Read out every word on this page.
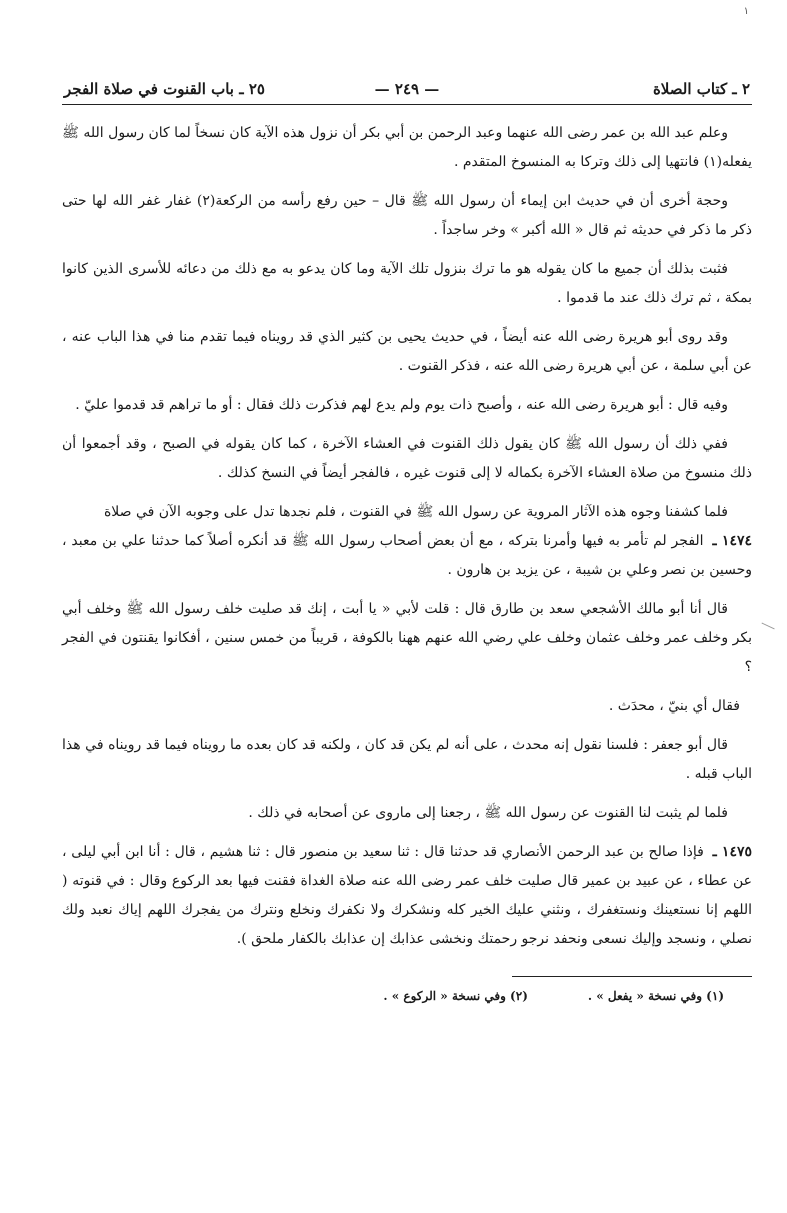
١
٢ ـ كتاب الصلاة
— ٢٤٩ —
٢٥ ـ باب القنوت في صلاة الفجر

وعلم عبد الله بن عمر رضى الله عنهما وعبد الرحمن بن أبي بكر أن نزول هذه الآية كان نسخاً لما كان رسول الله ﷺ يفعله(١) فانتهيا إلى ذلك وتركا به المنسوخ المتقدم .

وحجة أخرى أن في حديث ابن إيماء أن رسول الله ﷺ قال – حين رفع رأسه من الركعة(٢) غفار غفر الله لها حتى ذكر ما ذكر في حديثه ثم قال « الله أكبر » وخر ساجداً .

فثبت بذلك أن جميع ما كان يقوله هو ما ترك بنزول تلك الآية وما كان يدعو به مع ذلك من دعائه للأسرى الذين كانوا بمكة ، ثم ترك ذلك عند ما قدموا .

وقد روى أبو هريرة رضى الله عنه أيضاً ، في حديث يحيى بن كثير الذي قد رويناه فيما تقدم منا في هذا الباب عنه ، عن أبي سلمة ، عن أبي هريرة رضى الله عنه ، فذكر القنوت .

وفيه قال : أبو هريرة رضى الله عنه ، وأصبح ذات يوم ولم يدع لهم فذكرت ذلك فقال : أو ما تراهم قد قدموا عليّ .

ففي ذلك أن رسول الله ﷺ كان يقول ذلك القنوت في العشاء الآخرة ، كما كان يقوله في الصبح ، وقد أجمعوا أن ذلك منسوخ من صلاة العشاء الآخرة بكماله لا إلى قنوت غيره ، فالفجر أيضاً في النسخ كذلك .

فلما كشفنا وجوه هذه الآثار المروية عن رسول الله ﷺ في القنوت ، فلم نجدها تدل على وجوبه الآن في صلاة

١٤٧٤ ـ الفجر لم تأمر به فيها وأمرنا بتركه ، مع أن بعض أصحاب رسول الله ﷺ قد أنكره أصلاً كما حدثنا علي بن معبد ، وحسين بن نصر وعلي بن شيبة ، عن يزيد بن هارون .

قال أنا أبو مالك الأشجعي سعد بن طارق قال : قلت لأبي « يا أبت ، إنك قد صليت خلف رسول الله ﷺ وخلف أبي بكر وخلف عمر وخلف عثمان وخلف علي رضي الله عنهم ههنا بالكوفة ، قريباً من خمس سنين ، أفكانوا يقنتون في الفجر ؟

فقال أي بنيّ ، محدَث .

قال أبو جعفر : فلسنا نقول إنه محدث ، على أنه لم يكن قد كان ، ولكنه قد كان بعده ما رويناه فيما قد رويناه في هذا الباب قبله .

فلما لم يثبت لنا القنوت عن رسول الله ﷺ ، رجعنا إلى ماروى عن أصحابه في ذلك .

١٤٧٥ ـ فإذا صالح بن عبد الرحمن الأنصاري قد حدثنا قال : ثنا سعيد بن منصور قال : ثنا هشيم ، قال : أنا ابن أبي ليلى ، عن عطاء ، عن عبيد بن عمير قال صليت خلف عمر رضى الله عنه صلاة الغداة فقنت فيها بعد الركوع وقال : في قنوته ( اللهم إنا نستعينك ونستغفرك ، ونثني عليك الخير كله ونشكرك ولا نكفرك ونخلع ونترك من يفجرك اللهم إياك نعبد ولك نصلي ، ونسجد وإليك نسعى ونحفد نرجو رحمتك ونخشى عذابك إن عذابك بالكفار ملحق ).

(١) وفي نسخة « يفعل » .
(٢) وفي نسخة « الركوع » .
